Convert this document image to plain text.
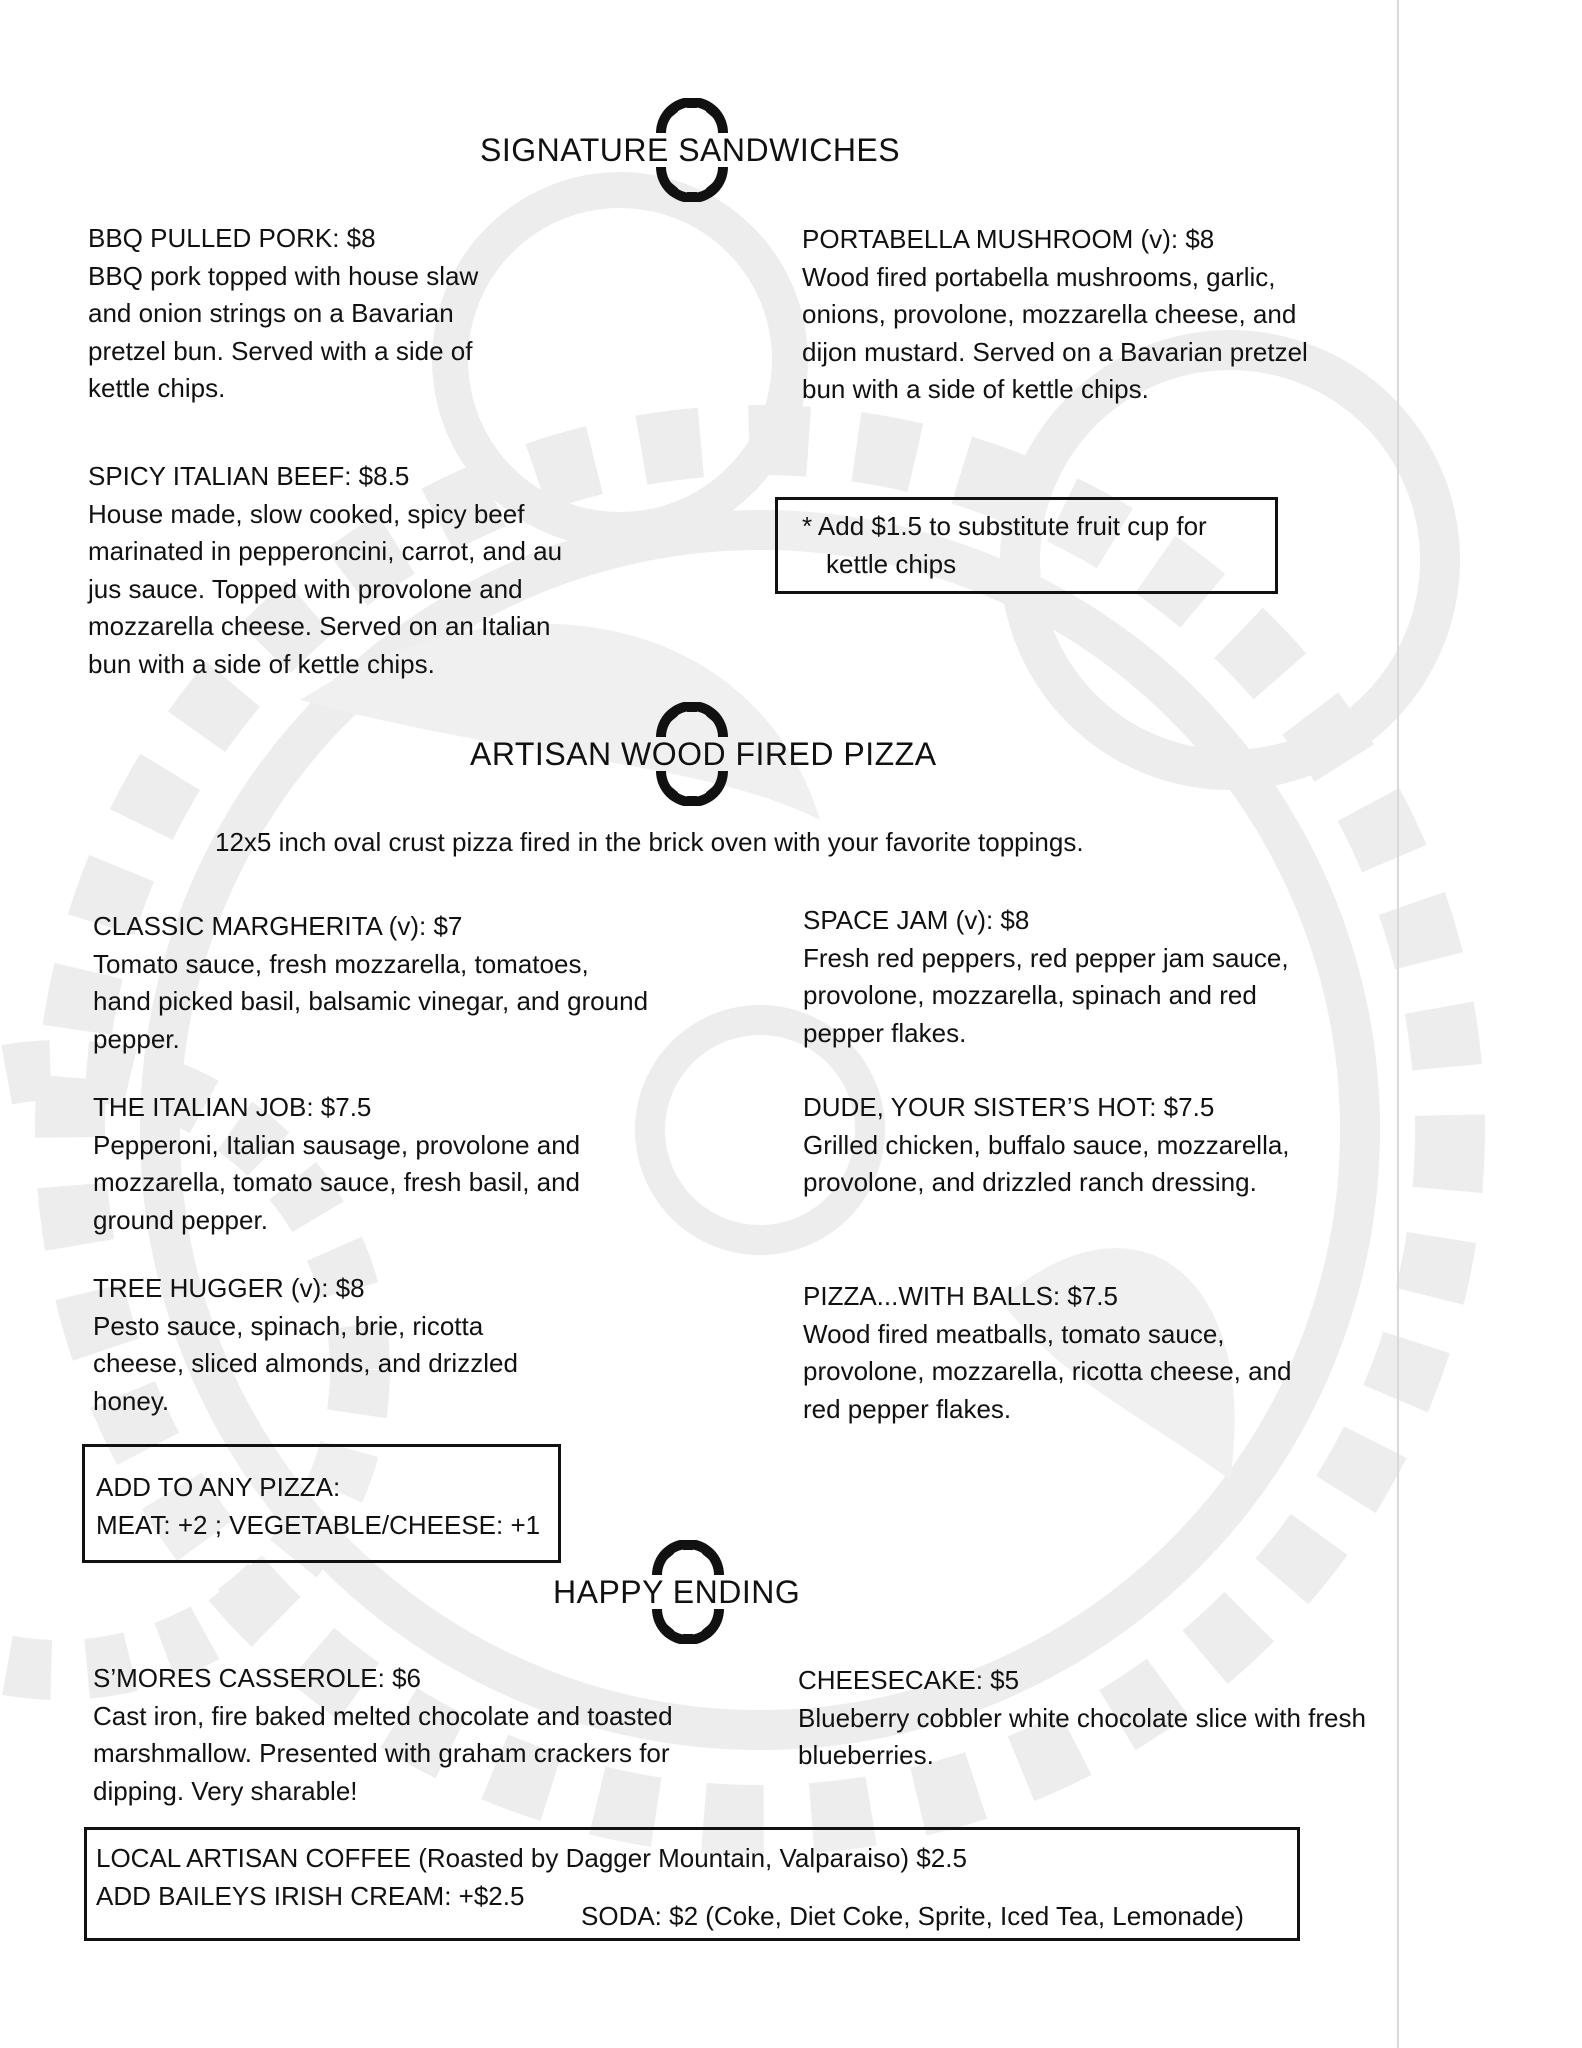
SIGNATURE SANDWICHES
BBQ PULLED PORK: $8
BBQ pork topped with house slaw and onion strings on a Bavarian pretzel bun. Served with a side of kettle chips.
PORTABELLA MUSHROOM (v): $8
Wood fired portabella mushrooms, garlic, onions, provolone, mozzarella cheese, and dijon mustard. Served on a Bavarian pretzel bun with a side of kettle chips.
SPICY ITALIAN BEEF: $8.5
House made, slow cooked, spicy beef marinated in pepperoncini, carrot, and au jus sauce. Topped with provolone and mozzarella cheese. Served on an Italian bun with a side of kettle chips.
* Add $1.5 to substitute fruit cup for
kettle chips
ARTISAN WOOD FIRED PIZZA
12x5 inch oval crust pizza fired in the brick oven with your favorite toppings.
CLASSIC MARGHERITA (v): $7
Tomato sauce, fresh mozzarella, tomatoes, hand picked basil, balsamic vinegar, and ground pepper.
SPACE JAM (v): $8
Fresh red peppers, red pepper jam sauce, provolone, mozzarella, spinach and red pepper flakes.
THE ITALIAN JOB: $7.5
Pepperoni, Italian sausage, provolone and mozzarella, tomato sauce, fresh basil, and ground pepper.
DUDE, YOUR SISTER’S HOT: $7.5
Grilled chicken, buffalo sauce, mozzarella, provolone, and drizzled ranch dressing.
TREE HUGGER (v): $8
Pesto sauce, spinach, brie, ricotta cheese, sliced almonds, and drizzled honey.
PIZZA...WITH BALLS: $7.5
Wood fired meatballs, tomato sauce, provolone, mozzarella, ricotta cheese, and red pepper flakes.
ADD TO ANY PIZZA:
MEAT: +2 ; VEGETABLE/CHEESE: +1
HAPPY ENDING
S’MORES CASSEROLE: $6
Cast iron, fire baked melted chocolate and toasted marshmallow. Presented with graham crackers for dipping. Very sharable!
CHEESECAKE: $5
Blueberry cobbler white chocolate slice with fresh blueberries.
LOCAL ARTISAN COFFEE (Roasted by Dagger Mountain, Valparaiso) $2.5
ADD BAILEYS IRISH CREAM: +$2.5
SODA: $2 (Coke, Diet Coke, Sprite, Iced Tea, Lemonade)
